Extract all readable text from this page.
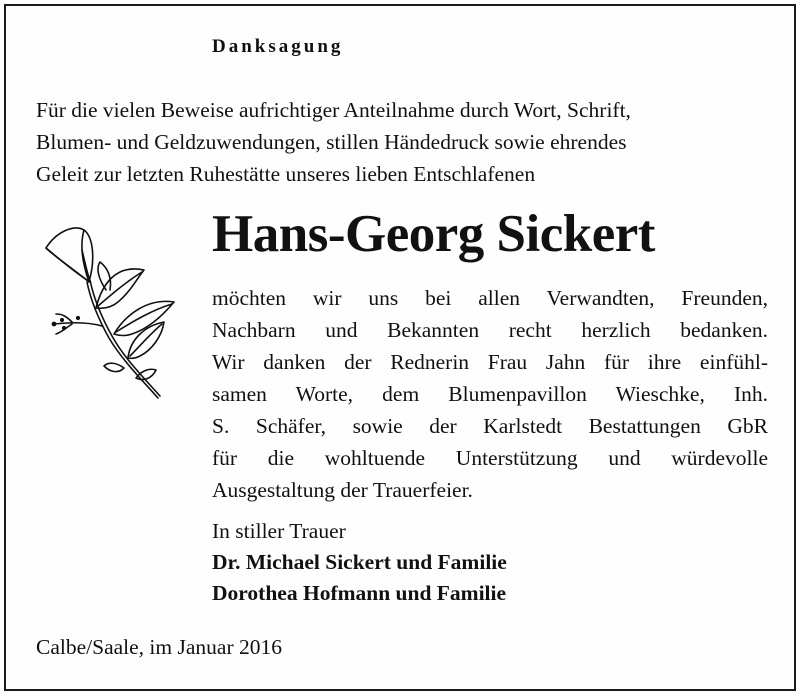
Danksagung
Für die vielen Beweise aufrichtiger Anteilnahme durch Wort, Schrift,
Blumen- und Geldzuwendungen, stillen Händedruck sowie ehrendes
Geleit zur letzten Ruhestätte unseres lieben Entschlafenen
Hans-Georg Sickert
möchten wir uns bei allen Verwandten, Freunden,
Nachbarn und Bekannten recht herzlich bedanken.
Wir danken der Rednerin Frau Jahn für ihre einfühl-
samen Worte, dem Blumenpavillon Wieschke, Inh.
S. Schäfer, sowie der Karlstedt Bestattungen GbR
für die wohltuende Unterstützung und würdevolle
Ausgestaltung der Trauerfeier.
In stiller Trauer
Dr. Michael Sickert und Familie
Dorothea Hofmann und Familie
Calbe/Saale, im Januar 2016
